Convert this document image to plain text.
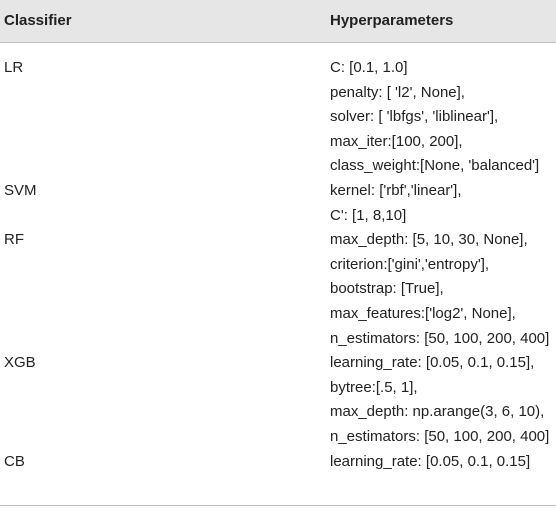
Classifier	Hyperparameters
LR	C: [0.1, 1.0]
penalty: [ 'l2', None],
solver: [ 'lbfgs', 'liblinear'],
max_iter:[100, 200],
class_weight:[None, 'balanced']
SVM	kernel: ['rbf','linear'],
C': [1, 8,10]
RF	max_depth: [5, 10, 30, None],
criterion:['gini','entropy'],
bootstrap: [True],
max_features:['log2', None],
n_estimators: [50, 100, 200, 400]
XGB	learning_rate: [0.05, 0.1, 0.15],
bytree:[.5, 1],
max_depth: np.arange(3, 6, 10),
n_estimators: [50, 100, 200, 400]
CB	learning_rate: [0.05, 0.1, 0.15]
